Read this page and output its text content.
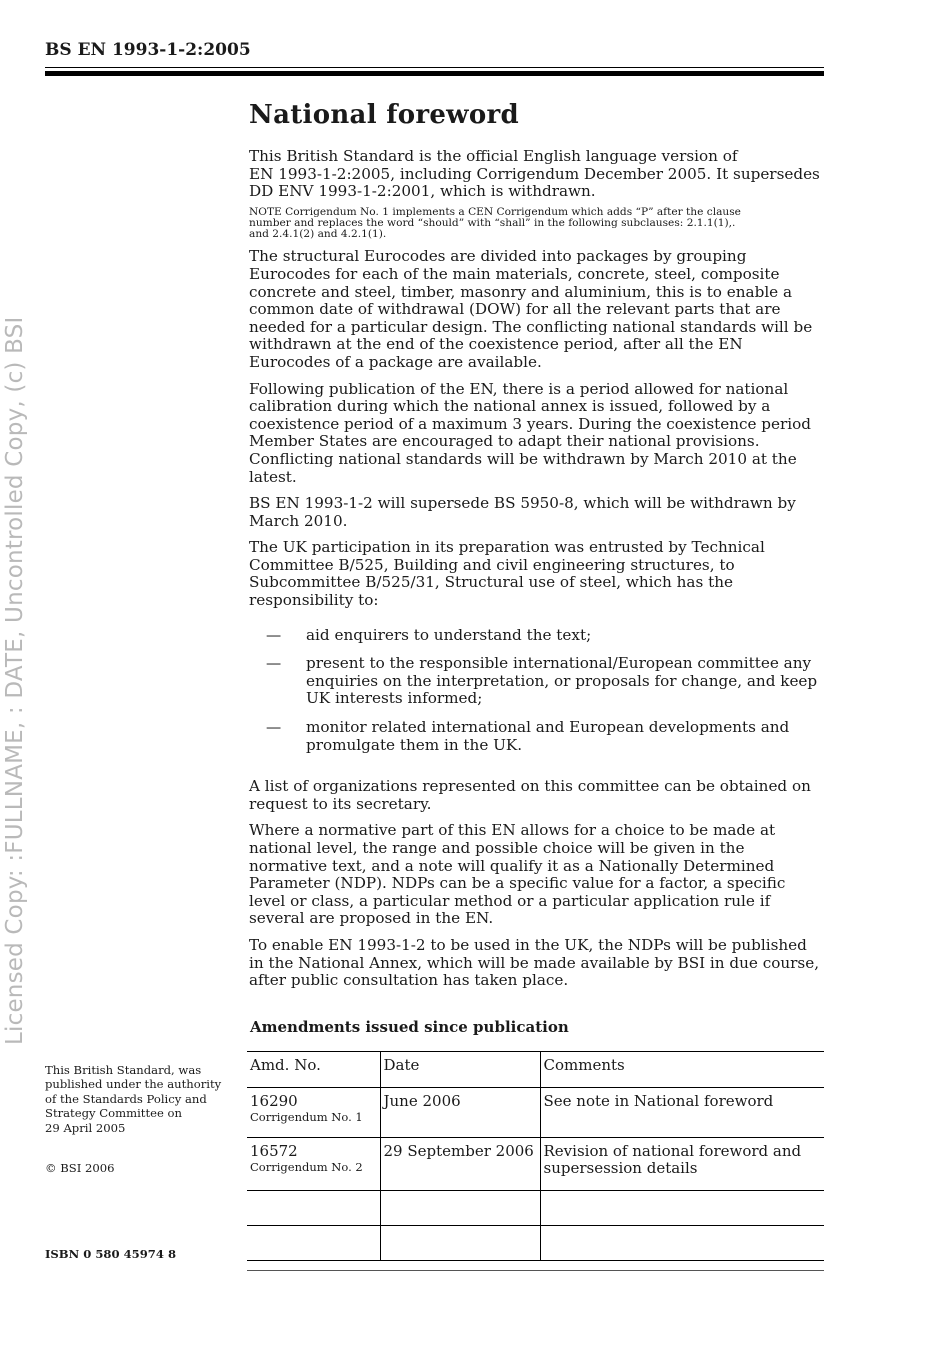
BS EN 1993-1-2:2005
Licensed Copy: :FULLNAME, : DATE, Uncontrolled Copy, (c) BSI
National foreword

This British Standard is the official English language version of
EN 1993-1-2:2005, including Corrigendum December 2005. It supersedes
DD ENV 1993-1-2:2001, which is withdrawn.

NOTE Corrigendum No. 1 implements a CEN Corrigendum which adds “P” after the clause
number and replaces the word “should” with “shall” in the following subclauses: 2.1.1(1),.
and 2.4.1(2) and 4.2.1(1).

The structural Eurocodes are divided into packages by grouping Eurocodes for each of the main materials, concrete, steel, composite concrete and steel, timber, masonry and aluminium, this is to enable a common date of withdrawal (DOW) for all the relevant parts that are needed for a particular design. The conflicting national standards will be withdrawn at the end of the coexistence period, after all the EN Eurocodes of a package are available.

Following publication of the EN, there is a period allowed for national calibration during which the national annex is issued, followed by a coexistence period of a maximum 3 years. During the coexistence period Member States are encouraged to adapt their national provisions. Conflicting national standards will be withdrawn by March 2010 at the latest.

BS EN 1993-1-2 will supersede BS 5950-8, which will be withdrawn by March 2010.

The UK participation in its preparation was entrusted by Technical Committee B/525, Building and civil engineering structures, to Subcommittee B/525/31, Structural use of steel, which has the responsibility to:

— aid enquirers to understand the text;
— present to the responsible international/European committee any enquiries on the interpretation, or proposals for change, and keep UK interests informed;
— monitor related international and European developments and promulgate them in the UK.

A list of organizations represented on this committee can be obtained on request to its secretary.

Where a normative part of this EN allows for a choice to be made at national level, the range and possible choice will be given in the normative text, and a note will qualify it as a Nationally Determined Parameter (NDP). NDPs can be a specific value for a factor, a specific level or class, a particular method or a particular application rule if several are proposed in the EN.

To enable EN 1993-1-2 to be used in the UK, the NDPs will be published in the National Annex, which will be made available by BSI in due course, after public consultation has taken place.

Amendments issued since publication
Amd. No.	Date	Comments
16290
Corrigendum No. 1	June 2006	See note in National foreword
16572
Corrigendum No. 2	29 September 2006	Revision of national foreword and supersession details

This British Standard, was
published under the authority
of the Standards Policy and
Strategy Committee on
29 April 2005
© BSI 2006
ISBN 0 580 45974 8
